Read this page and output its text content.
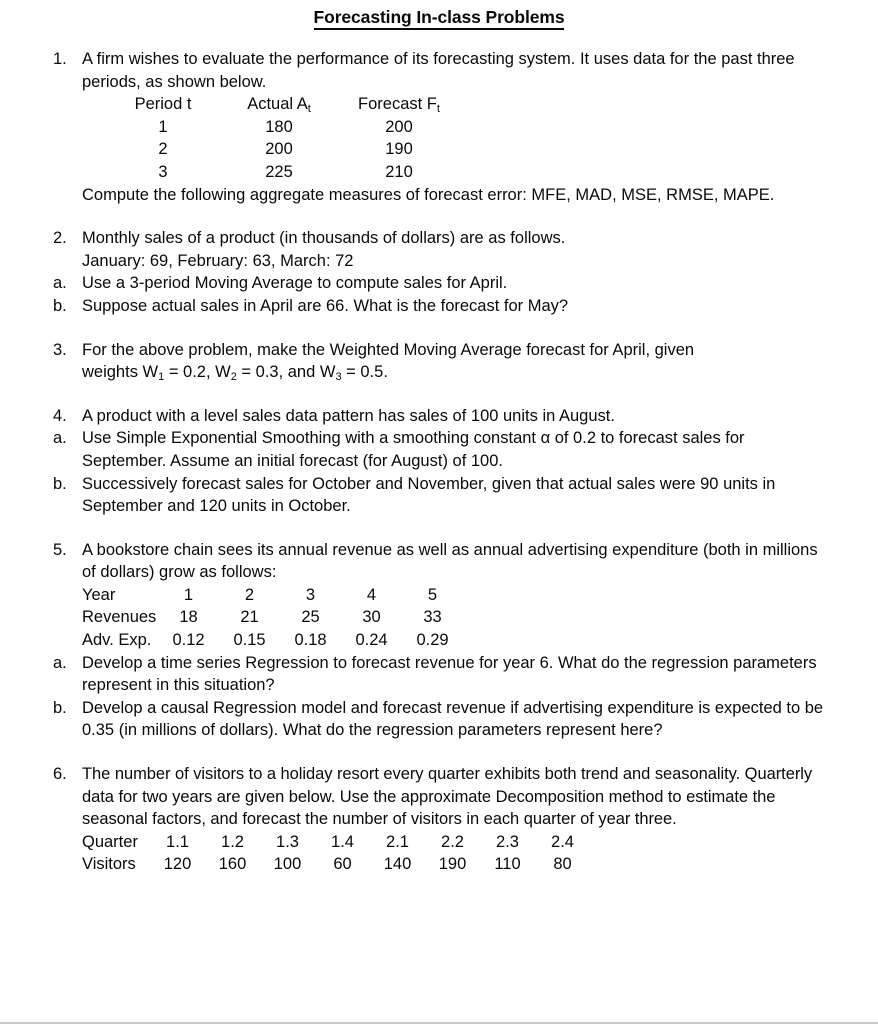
Forecasting In-class Problems
1. A firm wishes to evaluate the performance of its forecasting system. It uses data for the past three periods, as shown below.
Period t	Actual $A_t$	Forecast $F_t$
1	180	200
2	200	190
3	225	210
Compute the following aggregate measures of forecast error: MFE, MAD, MSE, RMSE, MAPE.
2. Monthly sales of a product (in thousands of dollars) are as follows.
January: 69, February: 63, March: 72
a. Use a 3-period Moving Average to compute sales for April.
b. Suppose actual sales in April are 66. What is the forecast for May?
3. For the above problem, make the Weighted Moving Average forecast for April, given
weights $W_1 = 0.2$, $W_2 = 0.3$, and $W_3 = 0.5$.
4. A product with a level sales data pattern has sales of 100 units in August.
a. Use Simple Exponential Smoothing with a smoothing constant α of 0.2 to forecast sales for September. Assume an initial forecast (for August) of 100.
b. Successively forecast sales for October and November, given that actual sales were 90 units in September and 120 units in October.
5. A bookstore chain sees its annual revenue as well as annual advertising expenditure (both in millions of dollars) grow as follows:
Year	1	2	3	4	5
Revenues	18	21	25	30	33
Adv. Exp.	0.12	0.15	0.18	0.24	0.29
a. Develop a time series Regression to forecast revenue for year 6. What do the regression parameters represent in this situation?
b. Develop a causal Regression model and forecast revenue if advertising expenditure is expected to be 0.35 (in millions of dollars). What do the regression parameters represent here?
6. The number of visitors to a holiday resort every quarter exhibits both trend and seasonality. Quarterly data for two years are given below. Use the approximate Decomposition method to estimate the seasonal factors, and forecast the number of visitors in each quarter of year three.
Quarter	1.1	1.2	1.3	1.4	2.1	2.2	2.3	2.4
Visitors	120	160	100	60	140	190	110	80
